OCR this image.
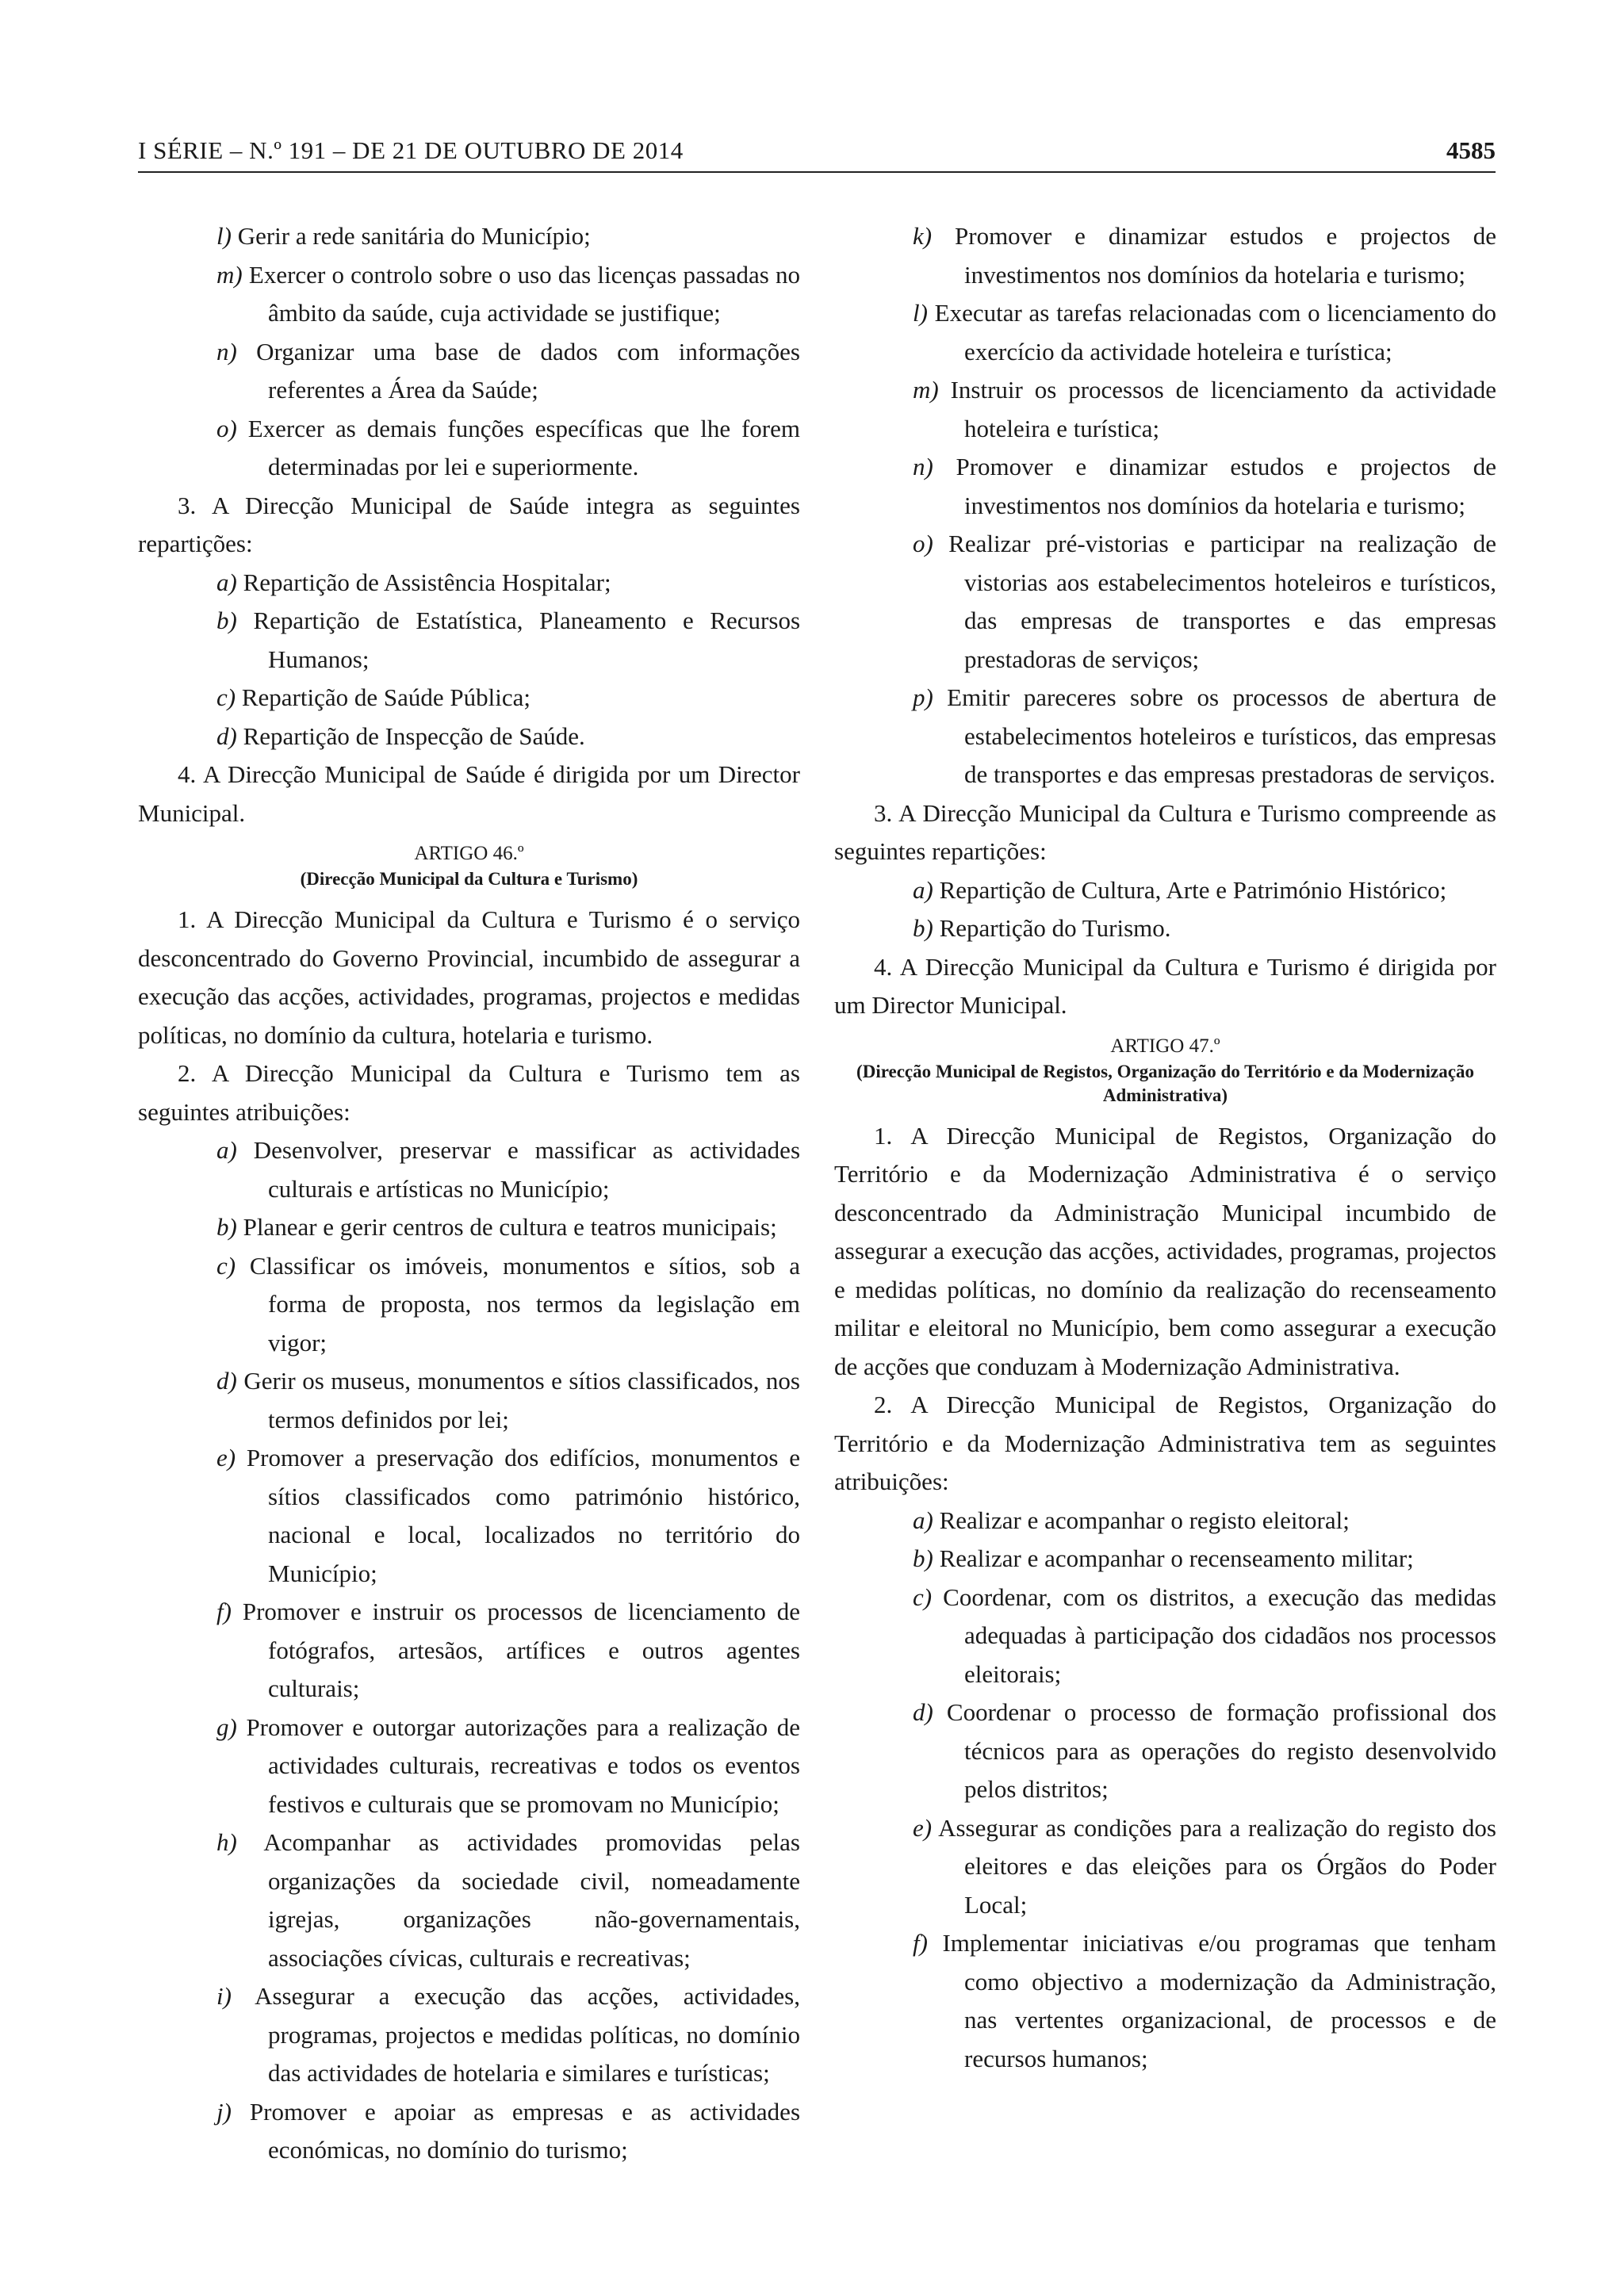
I SÉRIE – N.º 191 – DE 21 DE OUTUBRO DE 2014	4585

l) Gerir a rede sanitária do Município;

m) Exercer o controlo sobre o uso das licenças passadas no âmbito da saúde, cuja actividade se justifique;

n) Organizar uma base de dados com informações referentes a Área da Saúde;

o) Exercer as demais funções específicas que lhe forem determinadas por lei e superiormente.

3. A Direcção Municipal de Saúde integra as seguintes repartições:

a) Repartição de Assistência Hospitalar;

b) Repartição de Estatística, Planeamento e Recursos Humanos;

c) Repartição de Saúde Pública;

d) Repartição de Inspecção de Saúde.

4. A Direcção Municipal de Saúde é dirigida por um Director Municipal.

ARTIGO 46.º
(Direcção Municipal da Cultura e Turismo)

1. A Direcção Municipal da Cultura e Turismo é o serviço desconcentrado do Governo Provincial, incumbido de assegurar a execução das acções, actividades, programas, projectos e medidas políticas, no domínio da cultura, hotelaria e turismo.

2. A Direcção Municipal da Cultura e Turismo tem as seguintes atribuições:

a) Desenvolver, preservar e massificar as actividades culturais e artísticas no Município;

b) Planear e gerir centros de cultura e teatros municipais;

c) Classificar os imóveis, monumentos e sítios, sob a forma de proposta, nos termos da legislação em vigor;

d) Gerir os museus, monumentos e sítios classificados, nos termos definidos por lei;

e) Promover a preservação dos edifícios, monumentos e sítios classificados como património histórico, nacional e local, localizados no território do Município;

f) Promover e instruir os processos de licenciamento de fotógrafos, artesãos, artífices e outros agentes culturais;

g) Promover e outorgar autorizações para a realização de actividades culturais, recreativas e todos os eventos festivos e culturais que se promovam no Município;

h) Acompanhar as actividades promovidas pelas organizações da sociedade civil, nomeadamente igrejas, organizações não-governamentais, associações cívicas, culturais e recreativas;

i) Assegurar a execução das acções, actividades, programas, projectos e medidas políticas, no domínio das actividades de hotelaria e similares e turísticas;

j) Promover e apoiar as empresas e as actividades económicas, no domínio do turismo;

k) Promover e dinamizar estudos e projectos de investimentos nos domínios da hotelaria e turismo;

l) Executar as tarefas relacionadas com o licenciamento do exercício da actividade hoteleira e turística;

m) Instruir os processos de licenciamento da actividade hoteleira e turística;

n) Promover e dinamizar estudos e projectos de investimentos nos domínios da hotelaria e turismo;

o) Realizar pré-vistorias e participar na realização de vistorias aos estabelecimentos hoteleiros e turísticos, das empresas de transportes e das empresas prestadoras de serviços;

p) Emitir pareceres sobre os processos de abertura de estabelecimentos hoteleiros e turísticos, das empresas de transportes e das empresas prestadoras de serviços.

3. A Direcção Municipal da Cultura e Turismo compreende as seguintes repartições:

a) Repartição de Cultura, Arte e Património Histórico;

b) Repartição do Turismo.

4. A Direcção Municipal da Cultura e Turismo é dirigida por um Director Municipal.

ARTIGO 47.º
(Direcção Municipal de Registos, Organização do Território e da Modernização Administrativa)

1. A Direcção Municipal de Registos, Organização do Território e da Modernização Administrativa é o serviço desconcentrado da Administração Municipal incumbido de assegurar a execução das acções, actividades, programas, projectos e medidas políticas, no domínio da realização do recenseamento militar e eleitoral no Município, bem como assegurar a execução de acções que conduzam à Modernização Administrativa.

2. A Direcção Municipal de Registos, Organização do Território e da Modernização Administrativa tem as seguintes atribuições:

a) Realizar e acompanhar o registo eleitoral;

b) Realizar e acompanhar o recenseamento militar;

c) Coordenar, com os distritos, a execução das medidas adequadas à participação dos cidadãos nos processos eleitorais;

d) Coordenar o processo de formação profissional dos técnicos para as operações do registo desenvolvido pelos distritos;

e) Assegurar as condições para a realização do registo dos eleitores e das eleições para os Órgãos do Poder Local;

f) Implementar iniciativas e/ou programas que tenham como objectivo a modernização da Administração, nas vertentes organizacional, de processos e de recursos humanos;
